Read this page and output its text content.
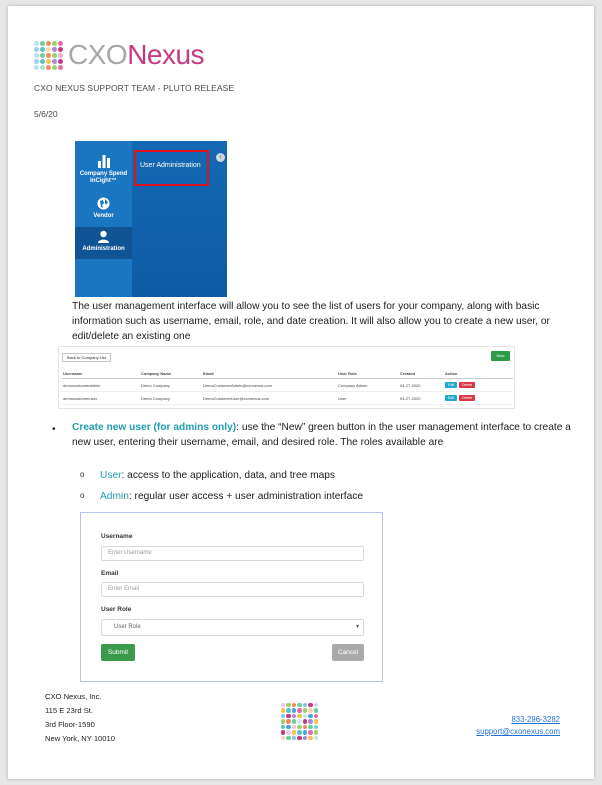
CXO Nexus
CXO NEXUS SUPPORT TEAM - PLUTO RELEASE
5/6/20
Company Spend InCight™
Vendor
Administration
User Administration
‹

The user management interface will allow you to see the list of users for your company, along with basic information such as username, email, role, and date creation. It will also allow you to create a new user, or edit/delete an existing one

Back to Company List	New
Username	Company Name	Email	User Role	Created	Action
democustomeradmin	Demo Company	DemoCustomerAdmin@cxonexus.com	Company Admin	04-27-2020	Edit Delete
democustomeruser	Demo Company	DemoCustomerUser@cxonexus.com	User	04-27-2020	Edit Delete
• Create new user (for admins only): use the “New” green button in the user management interface to create a new user, entering their username, email, and desired role. The roles available are

o User: access to the application, data, and tree maps
o Admin: regular user access + user administration interface
Username
Enter Username
Email
Enter Email
User Role
User Role	▾
Submit	Cancel
CXO Nexus, Inc.
115 E 23rd St.
3rd Floor-1590
New York, NY 10010
833-296-3282
support@cxonexus.com
